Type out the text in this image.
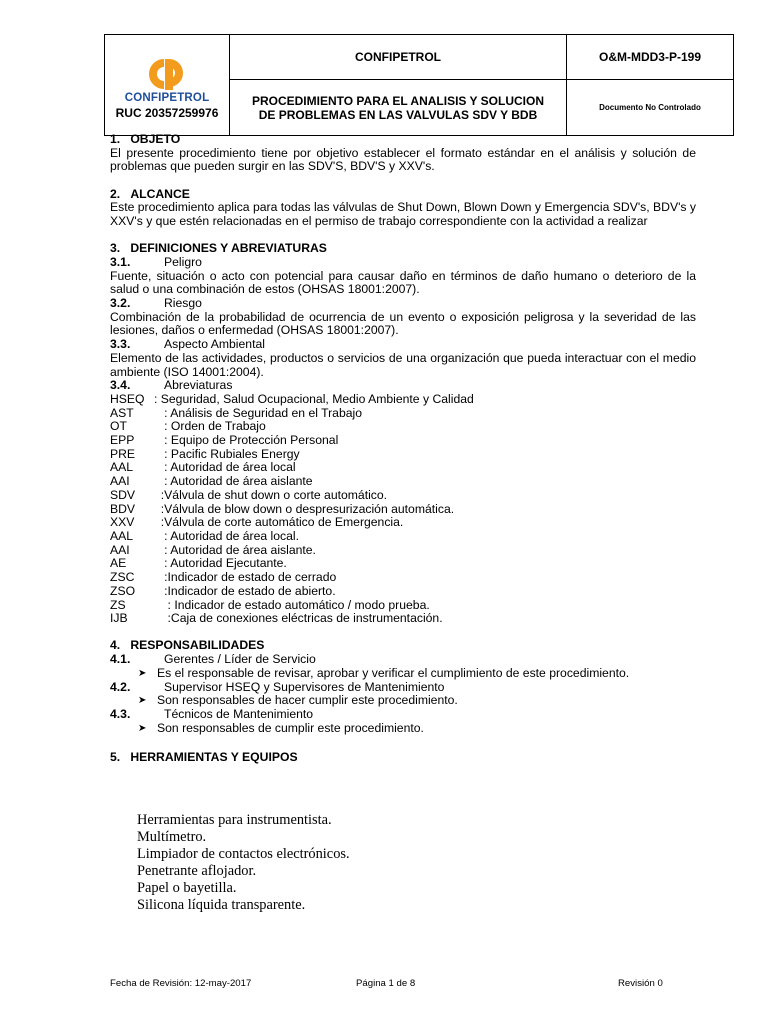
CONFIPETROL
RUC 20357259976	CONFIPETROL	O&M-MDD3-P-199
	PROCEDIMIENTO PARA EL ANALISIS Y SOLUCION
DE PROBLEMAS EN LAS VALVULAS SDV Y BDB	Documento No Controlado

1.   OBJETO

El presente procedimiento tiene por objetivo establecer el formato estándar en el análisis y solución de problemas que pueden surgir en las SDV'S, BDV'S y XXV's.

2.   ALCANCE

Este procedimiento aplica para todas las válvulas de Shut Down, Blown Down y Emergencia SDV's, BDV's y XXV's y que estén relacionadas en el permiso de trabajo correspondiente con la actividad a realizar

3.   DEFINICIONES Y ABREVIATURAS

3.1.	Peligro

Fuente, situación o acto con potencial para causar daño en términos de daño humano o deterioro de la salud o una combinación de estos (OHSAS 18001:2007).

3.2.	Riesgo

Combinación de la probabilidad de ocurrencia de un evento o exposición peligrosa y la severidad de las lesiones, daños o enfermedad (OHSAS 18001:2007).

3.3.	Aspecto Ambiental

Elemento de las actividades, productos o servicios de una organización que pueda interactuar con el medio ambiente (ISO 14001:2004).

3.4.	Abreviaturas

HSEQ : Seguridad, Salud Ocupacional, Medio Ambiente y Calidad
AST	: Análisis de Seguridad en el Trabajo
OT	: Orden de Trabajo
EPP	: Equipo de Protección Personal
PRE	: Pacific Rubiales Energy
AAL	: Autoridad de área local
AAI	: Autoridad de área aislante
SDV	:Válvula de shut down o corte automático.
BDV	:Válvula de blow down o despresurización automática.
XXV	:Válvula de corte automático de Emergencia.
AAL	: Autoridad de área local.
AAI	: Autoridad de área aislante.
AE	: Autoridad Ejecutante.
ZSC	:Indicador de estado de cerrado
ZSO	:Indicador de estado de abierto.
ZS	: Indicador de estado automático / modo prueba.
IJB	:Caja de conexiones eléctricas de instrumentación.

4.   RESPONSABILIDADES

4.1.	Gerentes / Líder de Servicio

➤ Es el responsable de revisar, aprobar y verificar el cumplimiento de este procedimiento.

4.2.	Supervisor HSEQ y Supervisores de Mantenimiento

➤ Son responsables de hacer cumplir este procedimiento.

4.3.	Técnicos de Mantenimiento

➤ Son responsables de cumplir este procedimiento.

5.   HERRAMIENTAS Y EQUIPOS

Herramientas para instrumentista.
Multímetro.
Limpiador de contactos electrónicos.
Penetrante aflojador.
Papel o bayetilla.
Silicona líquida transparente.
Fecha de Revisión: 12-may-2017	Página 1 de 8	Revisión 0
